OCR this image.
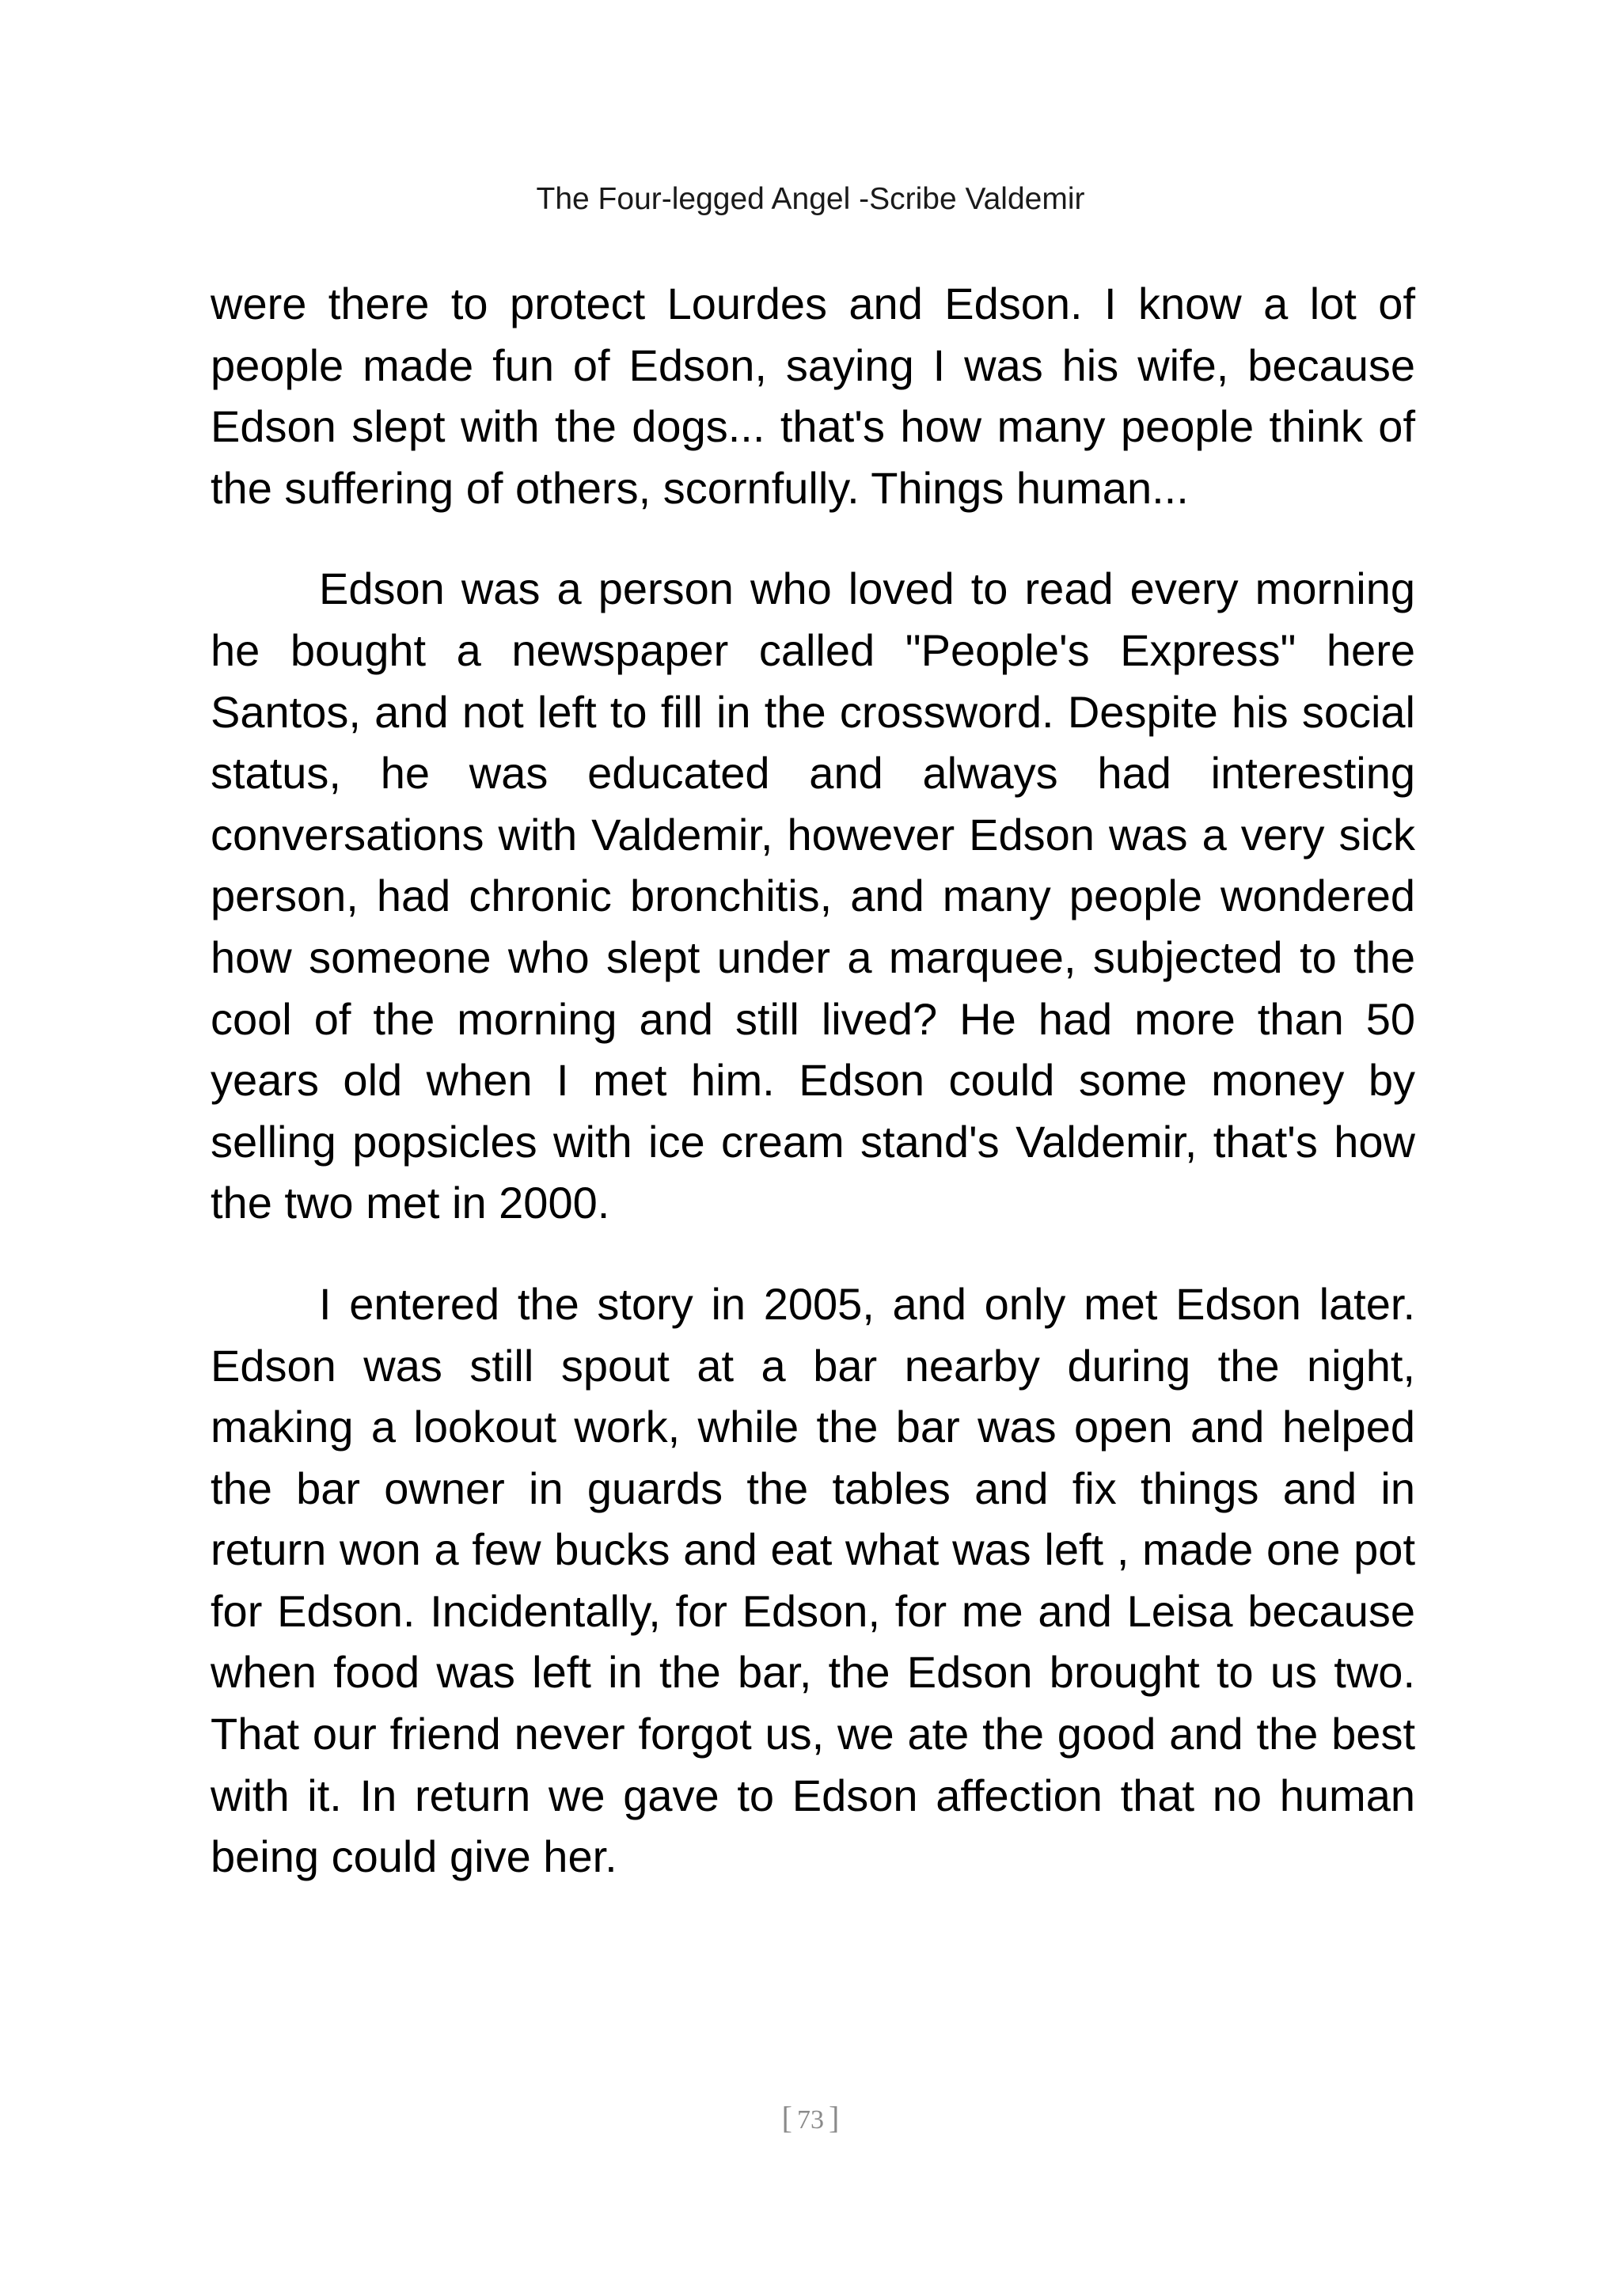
The Four-legged Angel -Scribe Valdemir

were there to protect Lourdes and Edson. I know a lot of people made fun of Edson, saying I was his wife, because Edson slept with the dogs... that's how many people think of the suffering of others, scornfully. Things human...

Edson was a person who loved to read every morning he bought a newspaper called "People's Express" here Santos, and not left to fill in the crossword. Despite his social status, he was educated and always had interesting conversations with Valdemir, however Edson was a very sick person, had chronic bronchitis, and many people wondered how someone who slept under a marquee, subjected to the cool of the morning and still lived? He had more than 50 years old when I met him. Edson could some money by selling popsicles with ice cream stand's Valdemir, that's how the two met in 2000.

I entered the story in 2005, and only met Edson later. Edson was still spout at a bar nearby during the night, making a lookout work, while the bar was open and helped the bar owner in guards the tables and fix things and in return won a few bucks and eat what was left , made one pot for Edson. Incidentally, for Edson, for me and Leisa because when food was left in the bar, the Edson brought to us two. That our friend never forgot us, we ate the good and the best with it. In return we gave to Edson affection that no human being could give her.

[ 73 ]
